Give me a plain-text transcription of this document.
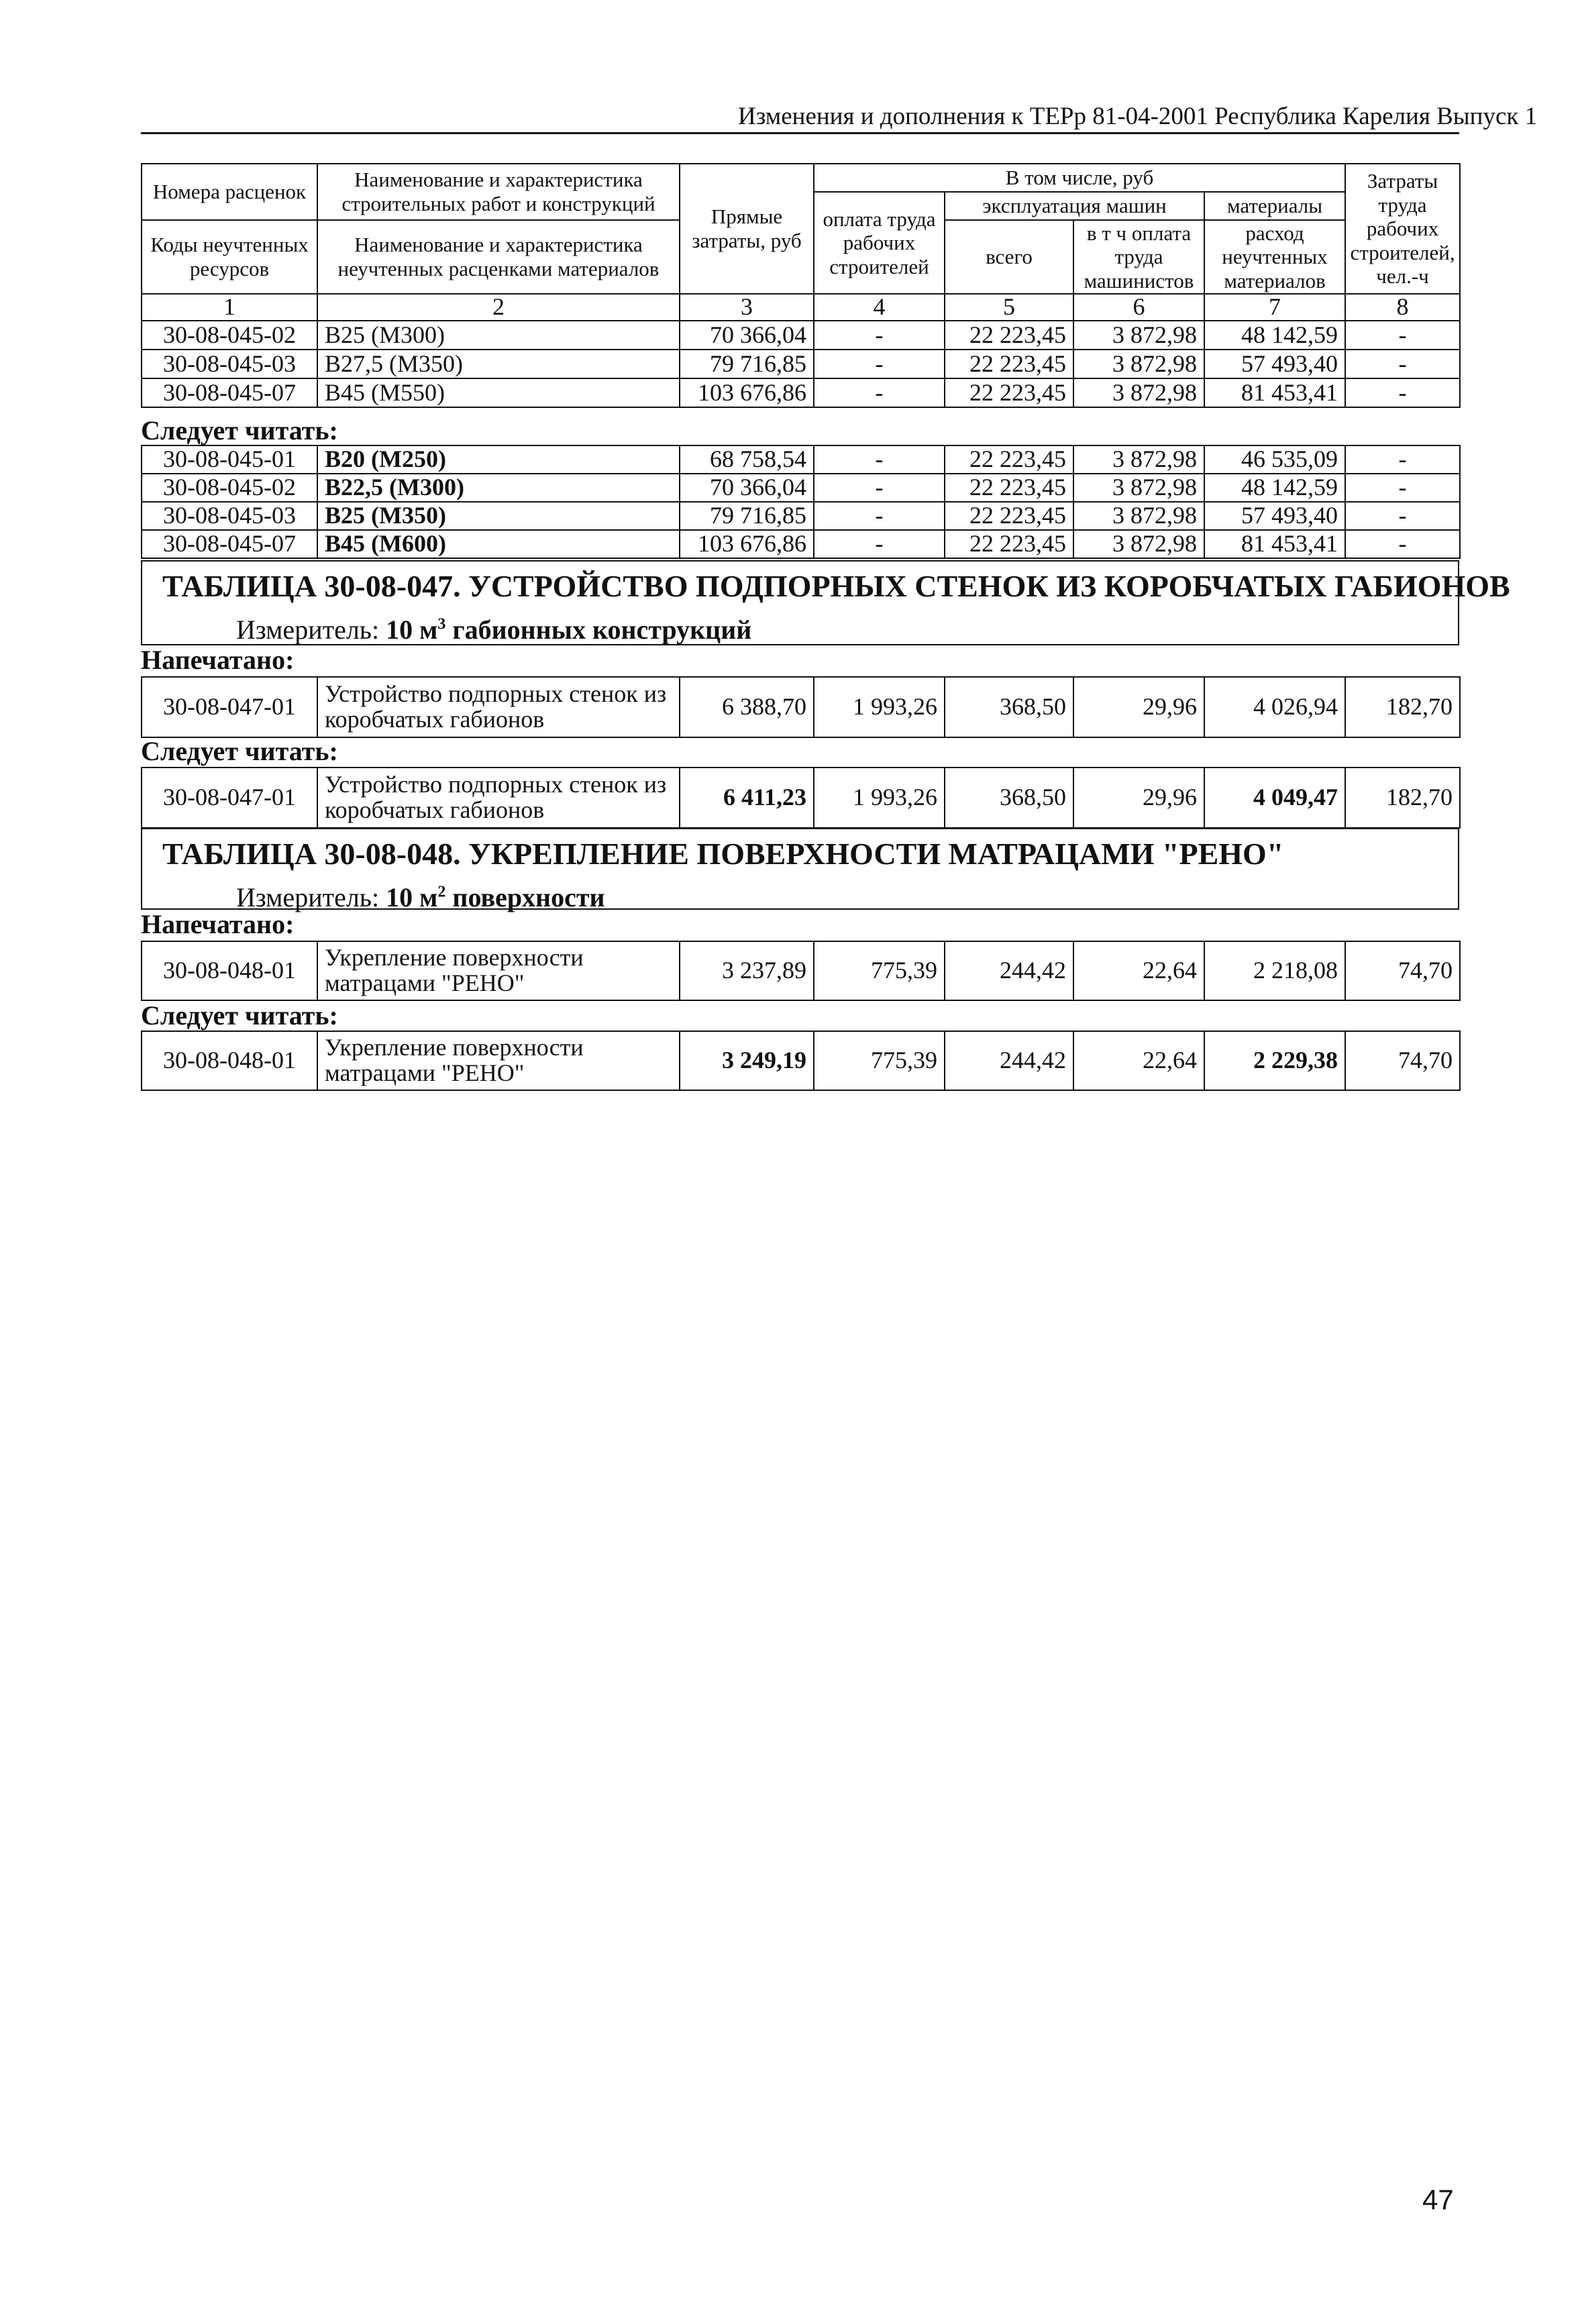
Изменения и дополнения к ТЕРр 81-04-2001 Республика Карелия Выпуск 1
Номера расценок	Наименование и характеристика строительных работ и конструкций	Прямые затраты, руб	В том числе, руб				Затраты труда рабочих строителей, чел.-ч
			оплата труда рабочих строителей	эксплуатация машин		материалы	
Коды неучтенных ресурсов	Наименование и характеристика неучтенных расценками материалов			всего	в т ч оплата труда машинистов	расход неучтенных материалов	

1	2	3	4	5	6	7	8
30-08-045-02	B25 (M300)	70 366,04	-	22 223,45	3 872,98	48 142,59	-
30-08-045-03	B27,5 (M350)	79 716,85	-	22 223,45	3 872,98	57 493,40	-
30-08-045-07	B45 (M550)	103 676,86	-	22 223,45	3 872,98	81 453,41	-
Следует читать:
30-08-045-01	B20 (M250)	68 758,54	-	22 223,45	3 872,98	46 535,09	-
30-08-045-02	B22,5 (M300)	70 366,04	-	22 223,45	3 872,98	48 142,59	-
30-08-045-03	B25 (M350)	79 716,85	-	22 223,45	3 872,98	57 493,40	-
30-08-045-07	B45 (M600)	103 676,86	-	22 223,45	3 872,98	81 453,41	-
ТАБЛИЦА 30-08-047. УСТРОЙСТВО ПОДПОРНЫХ СТЕНОК ИЗ КОРОБЧАТЫХ ГАБИОНОВ
Измеритель: 10 $м^3$ габионных конструкций
Напечатано:
30-08-047-01	Устройство подпорных стенок из коробчатых габионов	6 388,70	1 993,26	368,50	29,96	4 026,94	182,70
Следует читать:
30-08-047-01	Устройство подпорных стенок из коробчатых габионов	6 411,23	1 993,26	368,50	29,96	4 049,47	182,70
ТАБЛИЦА 30-08-048. УКРЕПЛЕНИЕ ПОВЕРХНОСТИ МАТРАЦАМИ "РЕНО"
Измеритель: 10 $м^2$ поверхности
Напечатано:
30-08-048-01	Укрепление поверхности матрацами "РЕНО"	3 237,89	775,39	244,42	22,64	2 218,08	74,70
Следует читать:
30-08-048-01	Укрепление поверхности матрацами "РЕНО"	3 249,19	775,39	244,42	22,64	2 229,38	74,70
47
